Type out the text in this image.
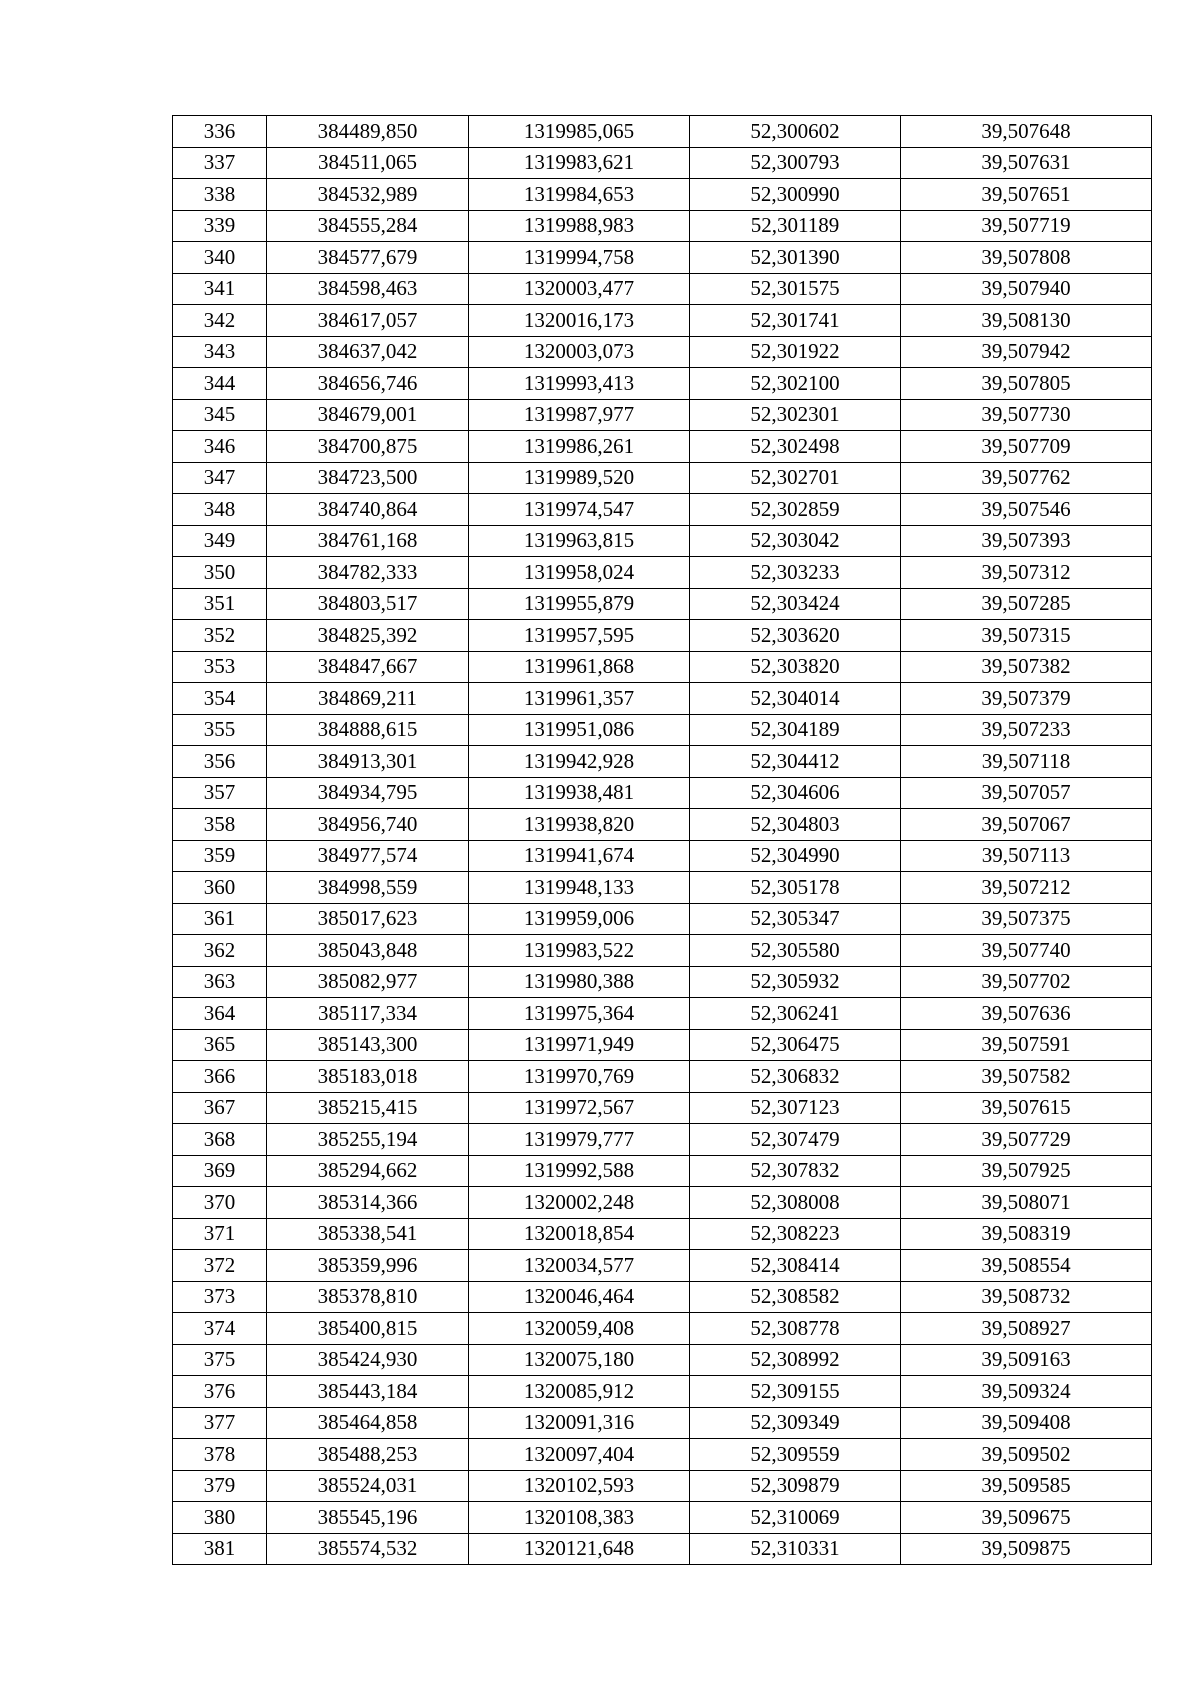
336	384489,850	1319985,065	52,300602	39,507648
337	384511,065	1319983,621	52,300793	39,507631
338	384532,989	1319984,653	52,300990	39,507651
339	384555,284	1319988,983	52,301189	39,507719
340	384577,679	1319994,758	52,301390	39,507808
341	384598,463	1320003,477	52,301575	39,507940
342	384617,057	1320016,173	52,301741	39,508130
343	384637,042	1320003,073	52,301922	39,507942
344	384656,746	1319993,413	52,302100	39,507805
345	384679,001	1319987,977	52,302301	39,507730
346	384700,875	1319986,261	52,302498	39,507709
347	384723,500	1319989,520	52,302701	39,507762
348	384740,864	1319974,547	52,302859	39,507546
349	384761,168	1319963,815	52,303042	39,507393
350	384782,333	1319958,024	52,303233	39,507312
351	384803,517	1319955,879	52,303424	39,507285
352	384825,392	1319957,595	52,303620	39,507315
353	384847,667	1319961,868	52,303820	39,507382
354	384869,211	1319961,357	52,304014	39,507379
355	384888,615	1319951,086	52,304189	39,507233
356	384913,301	1319942,928	52,304412	39,507118
357	384934,795	1319938,481	52,304606	39,507057
358	384956,740	1319938,820	52,304803	39,507067
359	384977,574	1319941,674	52,304990	39,507113
360	384998,559	1319948,133	52,305178	39,507212
361	385017,623	1319959,006	52,305347	39,507375
362	385043,848	1319983,522	52,305580	39,507740
363	385082,977	1319980,388	52,305932	39,507702
364	385117,334	1319975,364	52,306241	39,507636
365	385143,300	1319971,949	52,306475	39,507591
366	385183,018	1319970,769	52,306832	39,507582
367	385215,415	1319972,567	52,307123	39,507615
368	385255,194	1319979,777	52,307479	39,507729
369	385294,662	1319992,588	52,307832	39,507925
370	385314,366	1320002,248	52,308008	39,508071
371	385338,541	1320018,854	52,308223	39,508319
372	385359,996	1320034,577	52,308414	39,508554
373	385378,810	1320046,464	52,308582	39,508732
374	385400,815	1320059,408	52,308778	39,508927
375	385424,930	1320075,180	52,308992	39,509163
376	385443,184	1320085,912	52,309155	39,509324
377	385464,858	1320091,316	52,309349	39,509408
378	385488,253	1320097,404	52,309559	39,509502
379	385524,031	1320102,593	52,309879	39,509585
380	385545,196	1320108,383	52,310069	39,509675
381	385574,532	1320121,648	52,310331	39,509875
